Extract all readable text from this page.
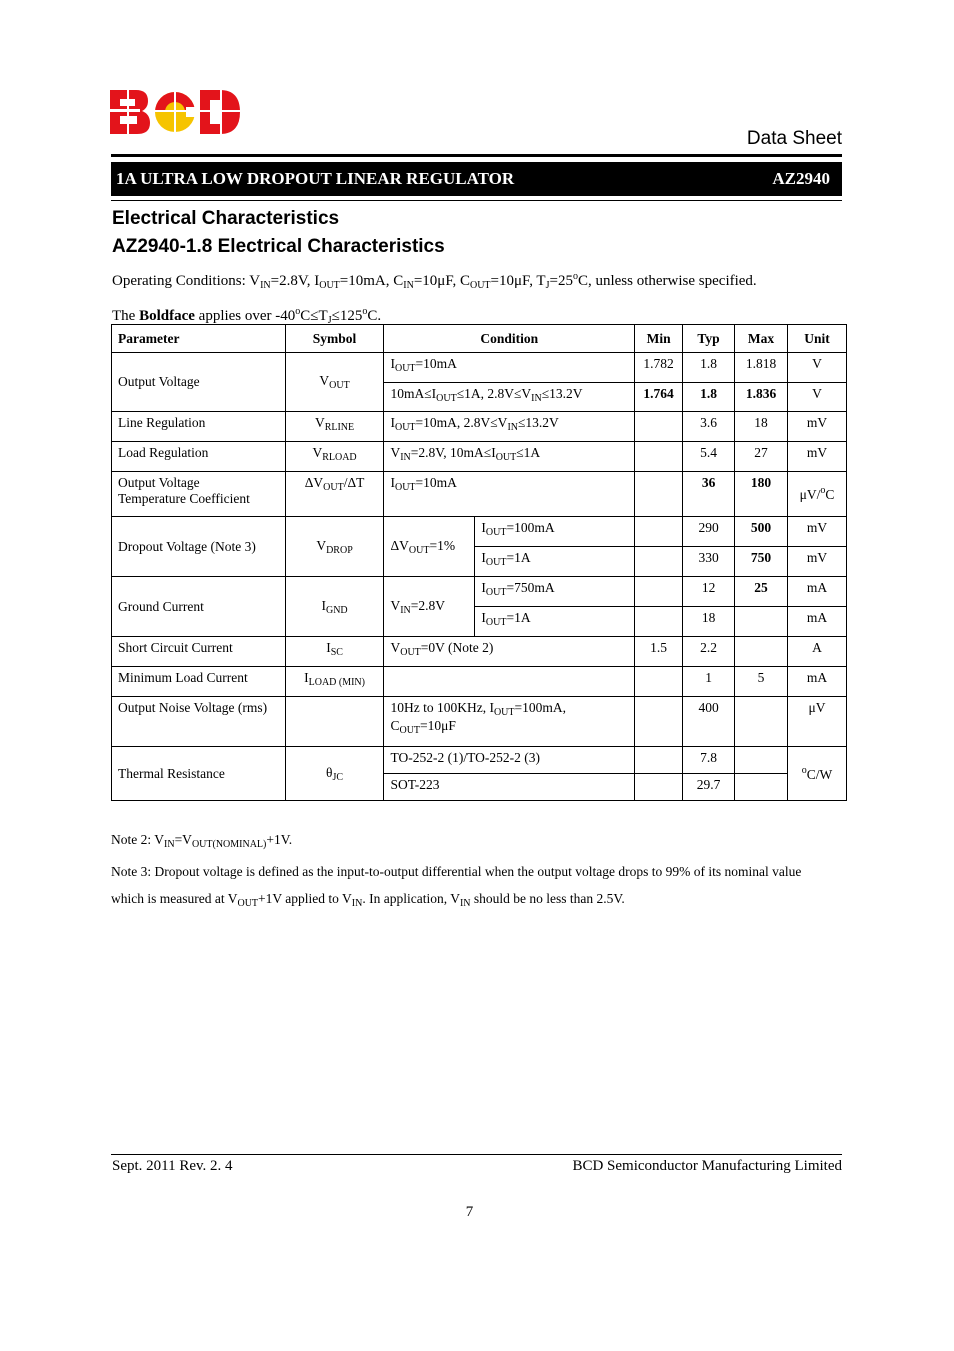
Data Sheet
1A ULTRA LOW DROPOUT LINEAR REGULATOR	AZ2940
Electrical Characteristics
AZ2940-1.8 Electrical Characteristics
Operating Conditions: $V_{IN}=2.8V$, $I_{OUT}=10mA$, $C_{IN}=10\mu F$, $C_{OUT}=10\mu F$, $T_J=25^oC$, unless otherwise specified.
The Boldface applies over $-40^oC\le T_J\le 125^oC$.
Parameter	Symbol	Condition		Min	Typ	Max	Unit
Output Voltage	$V_{OUT}$	$I_{OUT}=10mA$		1.782	1.8	1.818	V
		$10mA\le I_{OUT}\le 1A$, $2.8V\le V_{IN}\le 13.2V$		1.764	1.8	1.836	V
Line Regulation	$V_{RLINE}$	$I_{OUT}=10mA$, $2.8V\le V_{IN}\le 13.2V$			3.6	18	mV
Load Regulation	$V_{RLOAD}$	$V_{IN}=2.8V$, $10mA\le I_{OUT}\le 1A$			5.4	27	mV
Output Voltage
Temperature Coefficient	$\Delta V_{OUT}/\Delta T$	$I_{OUT}=10mA$			36	180	μV/$^o$C
Dropout Voltage (Note 3)	$V_{DROP}$	$\Delta V_{OUT}=1\%$	$I_{OUT}=100mA$		290	500	mV
			$I_{OUT}=1A$		330	750	mV
Ground Current	$I_{GND}$	$V_{IN}=2.8V$	$I_{OUT}=750mA$		12	25	mA
			$I_{OUT}=1A$		18		mA
Short Circuit Current	$I_{SC}$	$V_{OUT}=0V$ (Note 2)		1.5	2.2		A
Minimum Load Current	$I_{LOAD (MIN)}$				1	5	mA
Output Noise Voltage (rms)		10Hz to 100KHz, $I_{OUT}=100mA$,
$C_{OUT}=10\mu F$			400		μV
Thermal Resistance	$\theta_{JC}$	TO-252-2 (1)/TO-252-2 (3)			7.8		$^o$C/W
		SOT-223			29.7		
Note 2: $V_{IN}=V_{OUT(NOMINAL)}+1V$.
Note 3: Dropout voltage is defined as the input-to-output differential when the output voltage drops to 99% of its nominal value
which is measured at $V_{OUT}+1V$ applied to $V_{IN}$. In application, $V_{IN}$ should be no less than 2.5V.
Sept. 2011 Rev. 2. 4	BCD Semiconductor Manufacturing Limited
7
